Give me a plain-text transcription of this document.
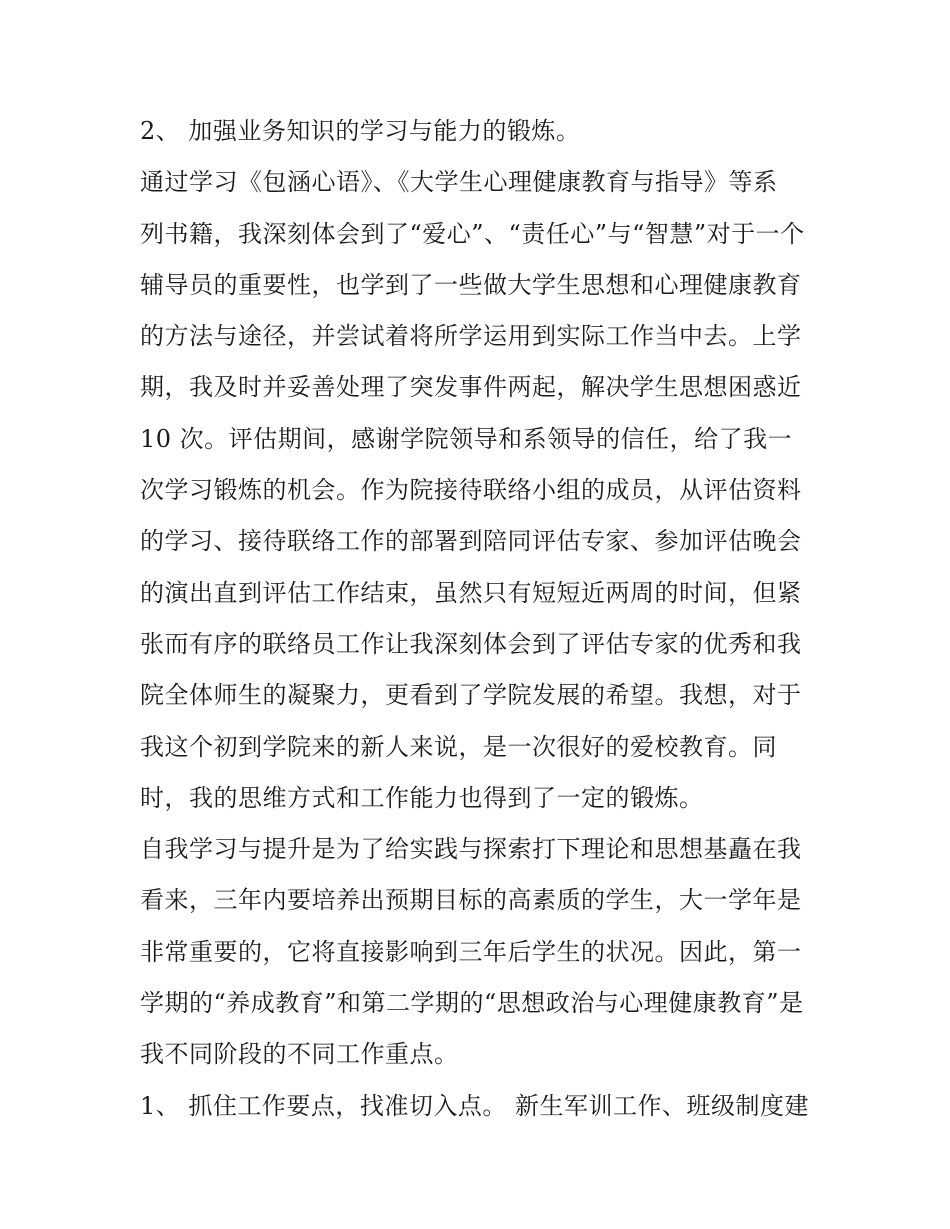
2、 加强业务知识的学习与能力的锻炼。
通过学习《包涵心语》、《大学生心理健康教育与指导》等系
列书籍，我深刻体会到了“爱心”、“责任心”与“智慧”对于一个
辅导员的重要性，也学到了一些做大学生思想和心理健康教育
的方法与途径，并尝试着将所学运用到实际工作当中去。上学
期，我及时并妥善处理了突发事件两起，解决学生思想困惑近
10 次。评估期间，感谢学院领导和系领导的信任，给了我一
次学习锻炼的机会。作为院接待联络小组的成员，从评估资料
的学习、接待联络工作的部署到陪同评估专家、参加评估晚会
的演出直到评估工作结束，虽然只有短短近两周的时间，但紧
张而有序的联络员工作让我深刻体会到了评估专家的优秀和我
院全体师生的凝聚力，更看到了学院发展的希望。我想，对于
我这个初到学院来的新人来说，是一次很好的爱校教育。同
时，我的思维方式和工作能力也得到了一定的锻炼。
自我学习与提升是为了给实践与探索打下理论和思想基矗在我
看来，三年内要培养出预期目标的高素质的学生，大一学年是
非常重要的，它将直接影响到三年后学生的状况。因此，第一
学期的“养成教育”和第二学期的“思想政治与心理健康教育”是
我不同阶段的不同工作重点。
1、 抓住工作要点，找准切入点。 新生军训工作、班级制度建
